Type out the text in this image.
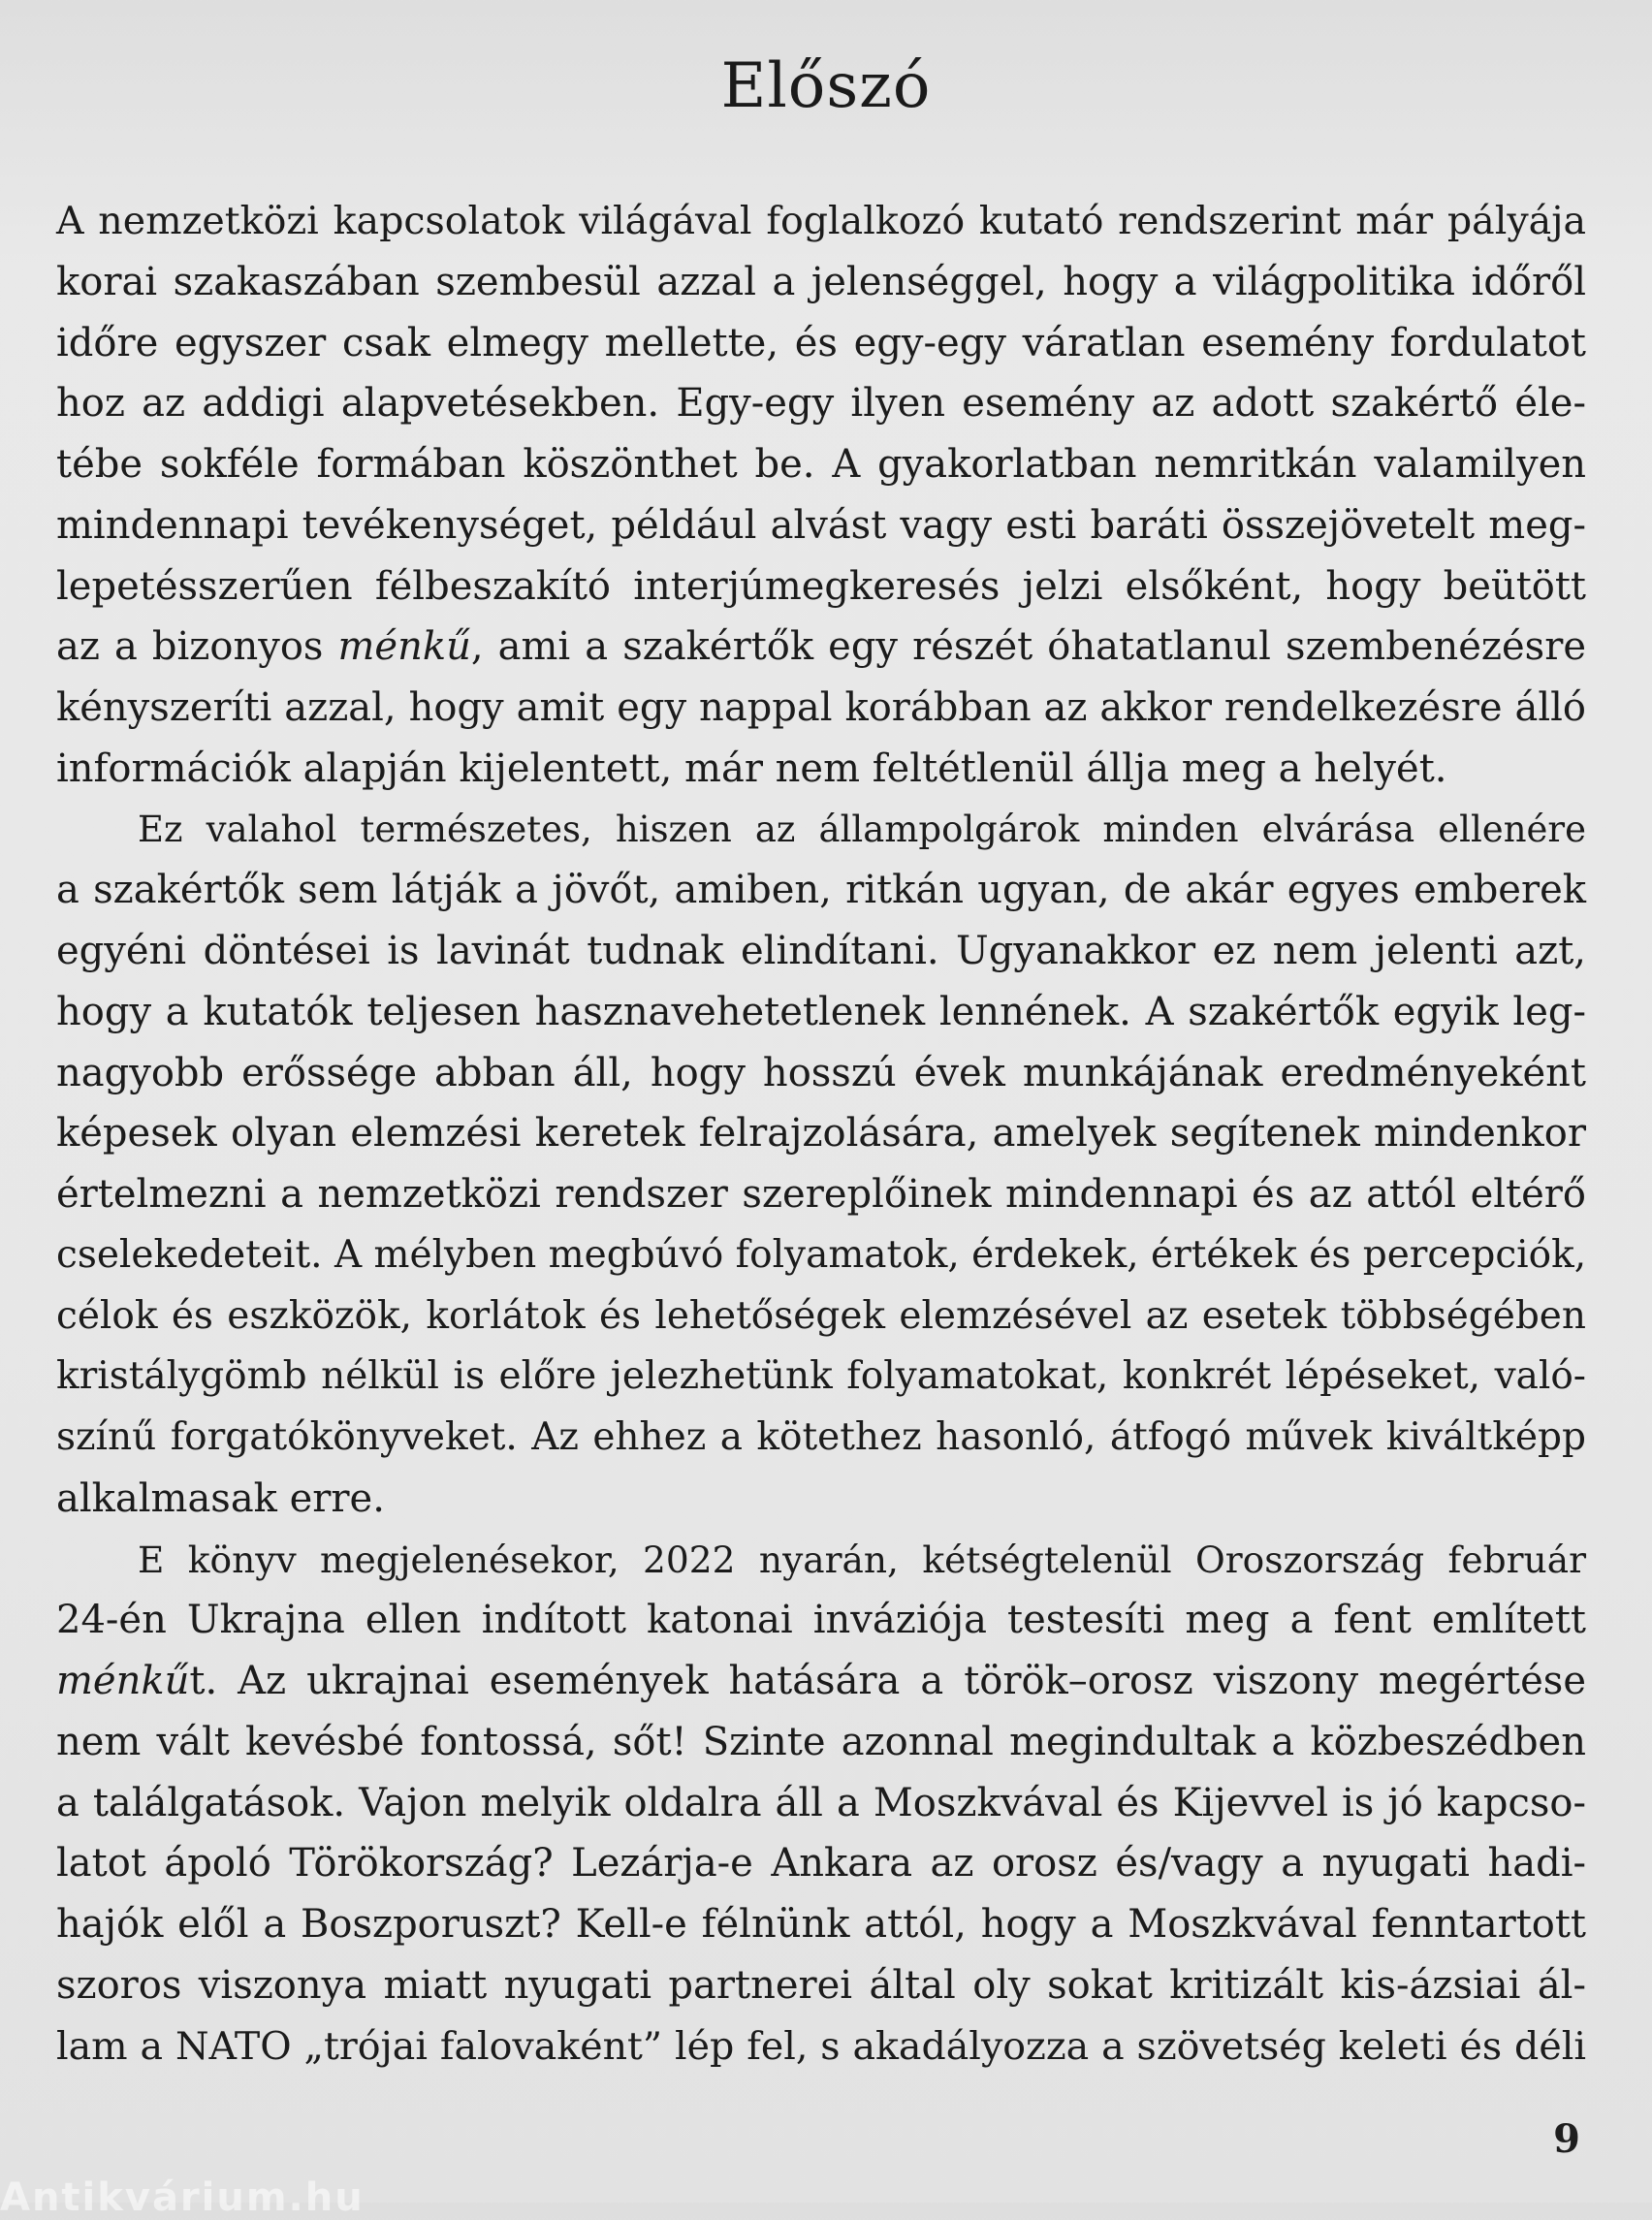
Előszó
A nemzetközi kapcsolatok világával foglalkozó kutató rendszerint már pályája
korai szakaszában szembesül azzal a jelenséggel, hogy a világpolitika időről
időre egyszer csak elmegy mellette, és egy-egy váratlan esemény fordulatot
hoz az addigi alapvetésekben. Egy-egy ilyen esemény az adott szakértő éle-
tébe sokféle formában köszönthet be. A gyakorlatban nemritkán valamilyen
mindennapi tevékenységet, például alvást vagy esti baráti összejövetelt meg-
lepetésszerűen félbeszakító interjúmegkeresés jelzi elsőként, hogy beütött
az a bizonyos ménkű, ami a szakértők egy részét óhatatlanul szembenézésre
kényszeríti azzal, hogy amit egy nappal korábban az akkor rendelkezésre álló
információk alapján kijelentett, már nem feltétlenül állja meg a helyét.
Ez valahol természetes, hiszen az állampolgárok minden elvárása ellenére
a szakértők sem látják a jövőt, amiben, ritkán ugyan, de akár egyes emberek
egyéni döntései is lavinát tudnak elindítani. Ugyanakkor ez nem jelenti azt,
hogy a kutatók teljesen hasznavehetetlenek lennének. A szakértők egyik leg-
nagyobb erőssége abban áll, hogy hosszú évek munkájának eredményeként
képesek olyan elemzési keretek felrajzolására, amelyek segítenek mindenkor
értelmezni a nemzetközi rendszer szereplőinek mindennapi és az attól eltérő
cselekedeteit. A mélyben megbúvó folyamatok, érdekek, értékek és percepciók,
célok és eszközök, korlátok és lehetőségek elemzésével az esetek többségében
kristálygömb nélkül is előre jelezhetünk folyamatokat, konkrét lépéseket, való-
színű forgatókönyveket. Az ehhez a kötethez hasonló, átfogó művek kiváltképp
alkalmasak erre.
E könyv megjelenésekor, 2022 nyarán, kétségtelenül Oroszország február
24-én Ukrajna ellen indított katonai inváziója testesíti meg a fent említett
ménkűt. Az ukrajnai események hatására a török–orosz viszony megértése
nem vált kevésbé fontossá, sőt! Szinte azonnal megindultak a közbeszédben
a találgatások. Vajon melyik oldalra áll a Moszkvával és Kijevvel is jó kapcso-
latot ápoló Törökország? Lezárja-e Ankara az orosz és/vagy a nyugati hadi-
hajók elől a Boszporuszt? Kell-e félnünk attól, hogy a Moszkvával fenntartott
szoros viszonya miatt nyugati partnerei által oly sokat kritizált kis-ázsiai ál-
lam a NATO „trójai falovaként” lép fel, s akadályozza a szövetség keleti és déli
9
Antikvárium.hu
